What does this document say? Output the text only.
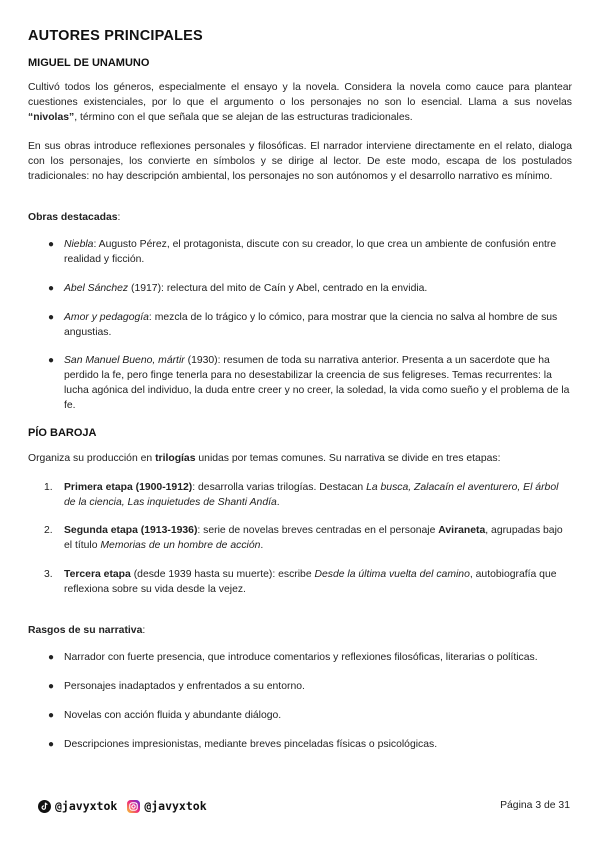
AUTORES PRINCIPALES
MIGUEL DE UNAMUNO
Cultivó todos los géneros, especialmente el ensayo y la novela. Considera la novela como cauce para plantear cuestiones existenciales, por lo que el argumento o los personajes no son lo esencial. Llama a sus novelas “nivolas”, término con el que señala que se alejan de las estructuras tradicionales.
En sus obras introduce reflexiones personales y filosóficas. El narrador interviene directamente en el relato, dialoga con los personajes, los convierte en símbolos y se dirige al lector. De este modo, escapa de los postulados tradicionales: no hay descripción ambiental, los personajes no son autónomos y el desarrollo narrativo es mínimo.
Obras destacadas:
● Niebla: Augusto Pérez, el protagonista, discute con su creador, lo que crea un ambiente de confusión entre realidad y ficción.
● Abel Sánchez (1917): relectura del mito de Caín y Abel, centrado en la envidia.
● Amor y pedagogía: mezcla de lo trágico y lo cómico, para mostrar que la ciencia no salva al hombre de sus angustias.
● San Manuel Bueno, mártir (1930): resumen de toda su narrativa anterior. Presenta a un sacerdote que ha perdido la fe, pero finge tenerla para no desestabilizar la creencia de sus feligreses. Temas recurrentes: la lucha agónica del individuo, la duda entre creer y no creer, la soledad, la vida como sueño y el problema de la fe.
PÍO BAROJA
Organiza su producción en trilogías unidas por temas comunes. Su narrativa se divide en tres etapas:
1.	Primera etapa (1900-1912): desarrolla varias trilogías. Destacan La busca, Zalacaín el aventurero, El árbol de la ciencia, Las inquietudes de Shanti Andía.
2.	Segunda etapa (1913-1936): serie de novelas breves centradas en el personaje Aviraneta, agrupadas bajo el título Memorias de un hombre de acción.
3.	Tercera etapa (desde 1939 hasta su muerte): escribe Desde la última vuelta del camino, autobiografía que reflexiona sobre su vida desde la vejez.
Rasgos de su narrativa:
● Narrador con fuerte presencia, que introduce comentarios y reflexiones filosóficas, literarias o políticas.
● Personajes inadaptados y enfrentados a su entorno.
● Novelas con acción fluida y abundante diálogo.
● Descripciones impresionistas, mediante breves pinceladas físicas o psicológicas.
@javyxtok @javyxtok	Página 3 de 31
